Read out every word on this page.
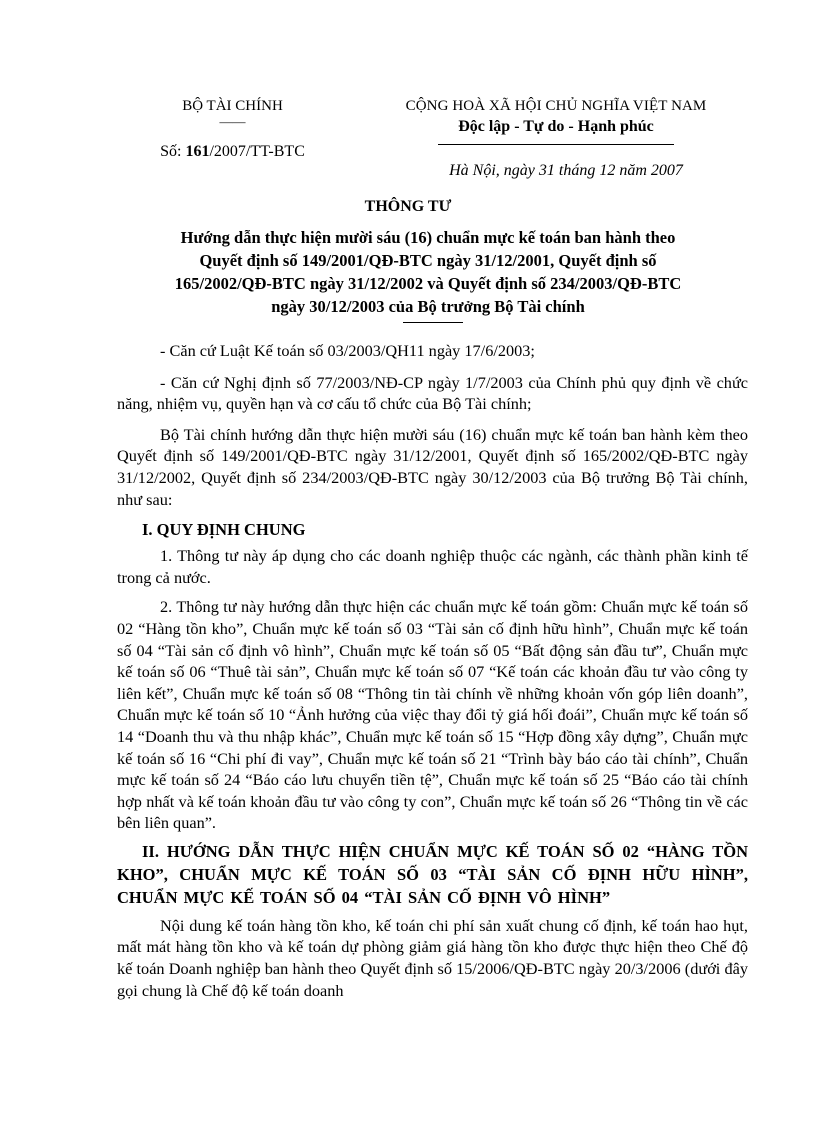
BỘ TÀI CHÍNH
——
Số: 161/2007/TT-BTC
CỘNG HOÀ XÃ HỘI CHỦ NGHĨA VIỆT NAM
Độc lập - Tự do - Hạnh phúc
Hà Nội, ngày 31 tháng 12 năm 2007
THÔNG TƯ
Hướng dẫn thực hiện mười sáu (16) chuẩn mực kế toán ban hành theo
Quyết định số 149/2001/QĐ-BTC ngày 31/12/2001, Quyết định số
165/2002/QĐ-BTC ngày 31/12/2002 và Quyết định số 234/2003/QĐ-BTC
ngày 30/12/2003 của Bộ trưởng Bộ Tài chính

- Căn cứ Luật Kế toán số 03/2003/QH11 ngày 17/6/2003;

- Căn cứ Nghị định số 77/2003/NĐ-CP ngày 1/7/2003 của Chính phủ quy định về chức năng, nhiệm vụ, quyền hạn và cơ cấu tổ chức của Bộ Tài chính;

Bộ Tài chính hướng dẫn thực hiện mười sáu (16) chuẩn mực kế toán ban hành kèm theo Quyết định số 149/2001/QĐ-BTC ngày 31/12/2001, Quyết định số 165/2002/QĐ-BTC ngày 31/12/2002, Quyết định số 234/2003/QĐ-BTC ngày 30/12/2003 của Bộ trưởng Bộ Tài chính, như sau:

I. QUY ĐỊNH CHUNG

1. Thông tư này áp dụng cho các doanh nghiệp thuộc các ngành, các thành phần kinh tế trong cả nước.

2. Thông tư này hướng dẫn thực hiện các chuẩn mực kế toán gồm: Chuẩn mực kế toán số 02 “Hàng tồn kho”, Chuẩn mực kế toán số 03 “Tài sản cố định hữu hình”, Chuẩn mực kế toán số 04 “Tài sản cố định vô hình”, Chuẩn mực kế toán số 05 “Bất động sản đầu tư”, Chuẩn mực kế toán số 06 “Thuê tài sản”, Chuẩn mực kế toán số 07 “Kế toán các khoản đầu tư vào công ty liên kết”, Chuẩn mực kế toán số 08 “Thông tin tài chính về những khoản vốn góp liên doanh”, Chuẩn mực kế toán số 10 “Ảnh hưởng của việc thay đổi tỷ giá hối đoái”, Chuẩn mực kế toán số 14 “Doanh thu và thu nhập khác”, Chuẩn mực kế toán số 15 “Hợp đồng xây dựng”, Chuẩn mực kế toán số 16 “Chi phí đi vay”, Chuẩn mực kế toán số 21 “Trình bày báo cáo tài chính”, Chuẩn mực kế toán số 24 “Báo cáo lưu chuyển tiền tệ”, Chuẩn mực kế toán số 25 “Báo cáo tài chính hợp nhất và kế toán khoản đầu tư vào công ty con”, Chuẩn mực kế toán số 26 “Thông tin về các bên liên quan”.

II. HƯỚNG DẪN THỰC HIỆN CHUẨN MỰC KẾ TOÁN SỐ 02 “HÀNG TỒN KHO”, CHUẨN MỰC KẾ TOÁN SỐ 03 “TÀI SẢN CỐ ĐỊNH HỮU HÌNH”, CHUẨN MỰC KẾ TOÁN SỐ 04 “TÀI SẢN CỐ ĐỊNH VÔ HÌNH”

Nội dung kế toán hàng tồn kho, kế toán chi phí sản xuất chung cố định, kế toán hao hụt, mất mát hàng tồn kho và kế toán dự phòng giảm giá hàng tồn kho được thực hiện theo Chế độ kế toán Doanh nghiệp ban hành theo Quyết định số 15/2006/QĐ-BTC ngày 20/3/2006 (dưới đây gọi chung là Chế độ kế toán doanh
